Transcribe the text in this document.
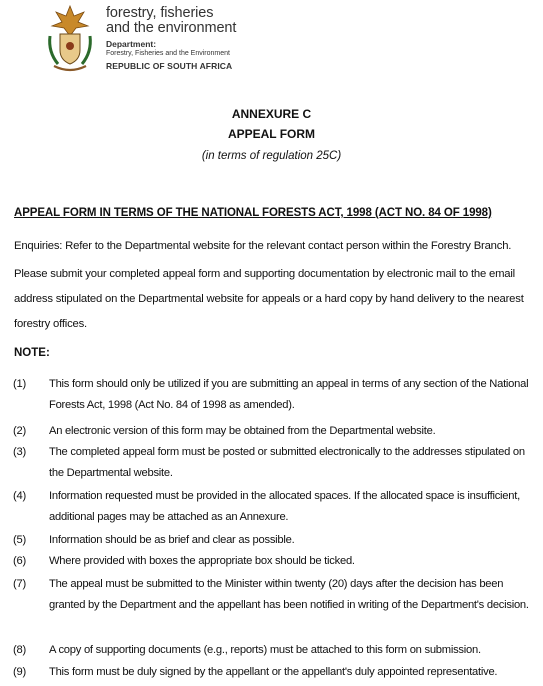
forestry, fisheries
and the environment
Department:
Forestry, Fisheries and the Environment
REPUBLIC OF SOUTH AFRICA
ANNEXURE C
APPEAL FORM
(in terms of regulation 25C)
APPEAL FORM IN TERMS OF THE NATIONAL FORESTS ACT, 1998 (ACT NO. 84 OF 1998)
Enquiries: Refer to the Departmental website for the relevant contact person within the Forestry Branch.
Please submit your completed appeal form and supporting documentation by electronic mail to the email address stipulated on the Departmental website for appeals or a hard copy by hand delivery to the nearest forestry offices.
NOTE:
(1) This form should only be utilized if you are submitting an appeal in terms of any section of the National Forests Act, 1998 (Act No. 84 of 1998 as amended).
(2) An electronic version of this form may be obtained from the Departmental website.
(3) The completed appeal form must be posted or submitted electronically to the addresses stipulated on the Departmental website.
(4) Information requested must be provided in the allocated spaces. If the allocated space is insufficient, additional pages may be attached as an Annexure.
(5) Information should be as brief and clear as possible.
(6) Where provided with boxes the appropriate box should be ticked.
(7) The appeal must be submitted to the Minister within twenty (20) days after the decision has been granted by the Department and the appellant has been notified in writing of the Department's decision.
(8) A copy of supporting documents (e.g., reports) must be attached to this form on submission.
(9) This form must be duly signed by the appellant or the appellant's duly appointed representative.
